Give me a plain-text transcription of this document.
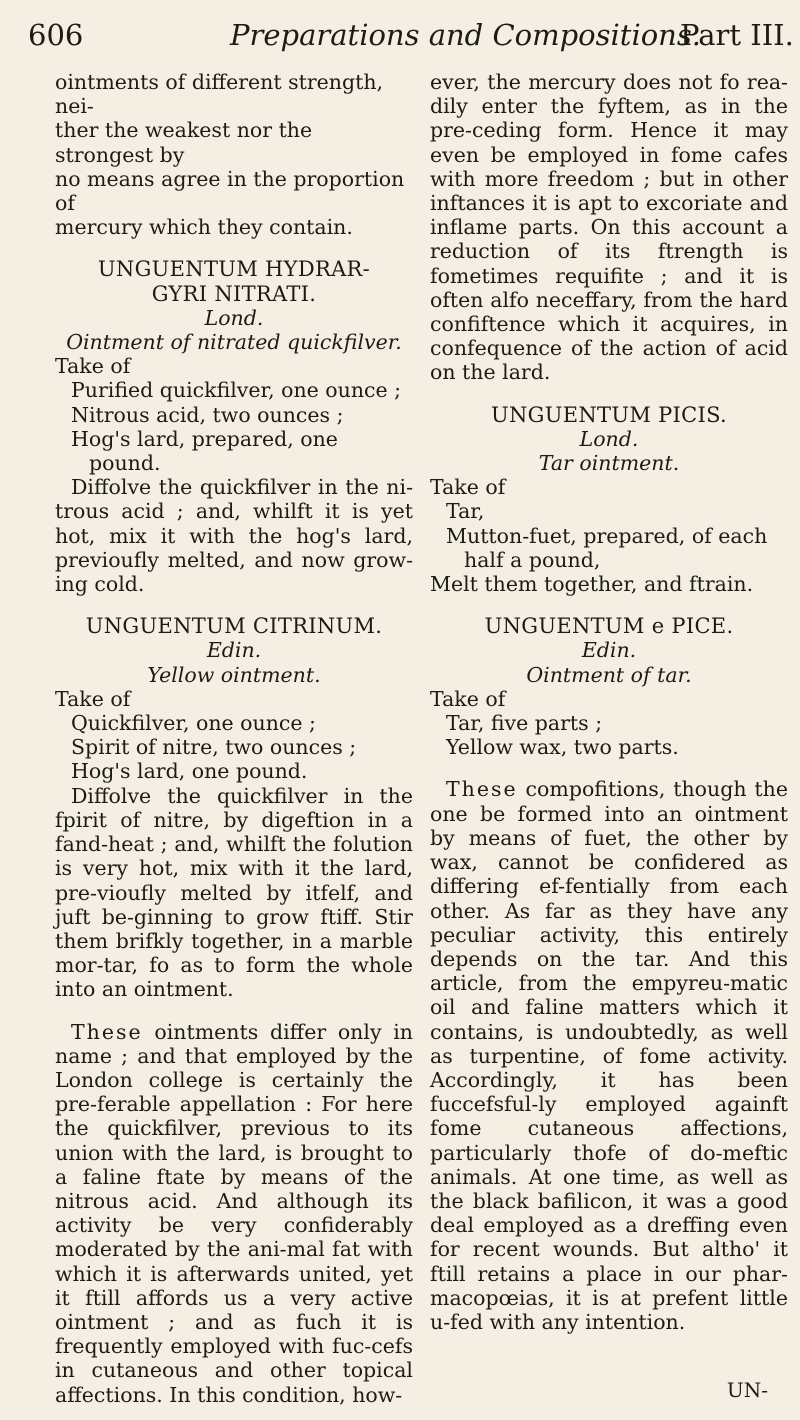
606	Preparations and Compositions.
Part III.

ointments of different strength, nei-

ther the weakest nor the strongest by

no means agree in the proportion of

mercury which they contain.

UNGUENTUM HYDRAR-

GYRI NITRATI.

Lond.

Ointment of nitrated quickfilver.

Take of

Purified quickfilver, one ounce ;

Nitrous acid, two ounces ;

Hog's lard, prepared, one pound.

Diffolve the quickfilver in the ni-trous acid ; and, whilft it is yet hot, mix it with the hog's lard, previoufly melted, and now grow-ing cold.

UNGUENTUM CITRINUM.

Edin.

Yellow ointment.

Take of

Quickfilver, one ounce ;

Spirit of nitre, two ounces ;

Hog's lard, one pound.

Diffolve the quickfilver in the fpirit of nitre, by digeftion in a fand-heat ; and, whilft the folution is very hot, mix with it the lard, pre-vioufly melted by itfelf, and juft be-ginning to grow ftiff. Stir them brifkly together, in a marble mor-tar, fo as to form the whole into an ointment.

These ointments differ only in name ; and that employed by the London college is certainly the pre-ferable appellation : For here the quickfilver, previous to its union with the lard, is brought to a faline ftate by means of the nitrous acid. And although its activity be very confiderably moderated by the ani-mal fat with which it is afterwards united, yet it ftill affords us a very active ointment ; and as fuch it is frequently employed with fuc-cefs in cutaneous and other topical affections. In this condition, how-

ever, the mercury does not fo rea-dily enter the fyftem, as in the pre-ceding form. Hence it may even be employed in fome cafes with more freedom ; but in other inftances it is apt to excoriate and inflame parts. On this account a reduction of its ftrength is fometimes requifite ; and it is often alfo neceffary, from the hard confiftence which it acquires, in confequence of the action of acid on the lard.

UNGUENTUM PICIS.

Lond.

Tar ointment.

Take of

Tar,

Mutton-fuet, prepared, of each half a pound,

Melt them together, and ftrain.

UNGUENTUM e PICE.

Edin.

Ointment of tar.

Take of

Tar, five parts ;

Yellow wax, two parts.

These compofitions, though the one be formed into an ointment by means of fuet, the other by wax, cannot be confidered as differing ef-fentially from each other. As far as they have any peculiar activity, this entirely depends on the tar. And this article, from the empyreu-matic oil and faline matters which it contains, is undoubtedly, as well as turpentine, of fome activity. Accordingly, it has been fuccefsful-ly employed againft fome cutaneous affections, particularly thofe of do-meftic animals. At one time, as well as the black bafilicon, it was a good deal employed as a dreffing even for recent wounds. But altho' it ftill retains a place in our phar-macopœias, it is at prefent little u-fed with any intention.

UN-
